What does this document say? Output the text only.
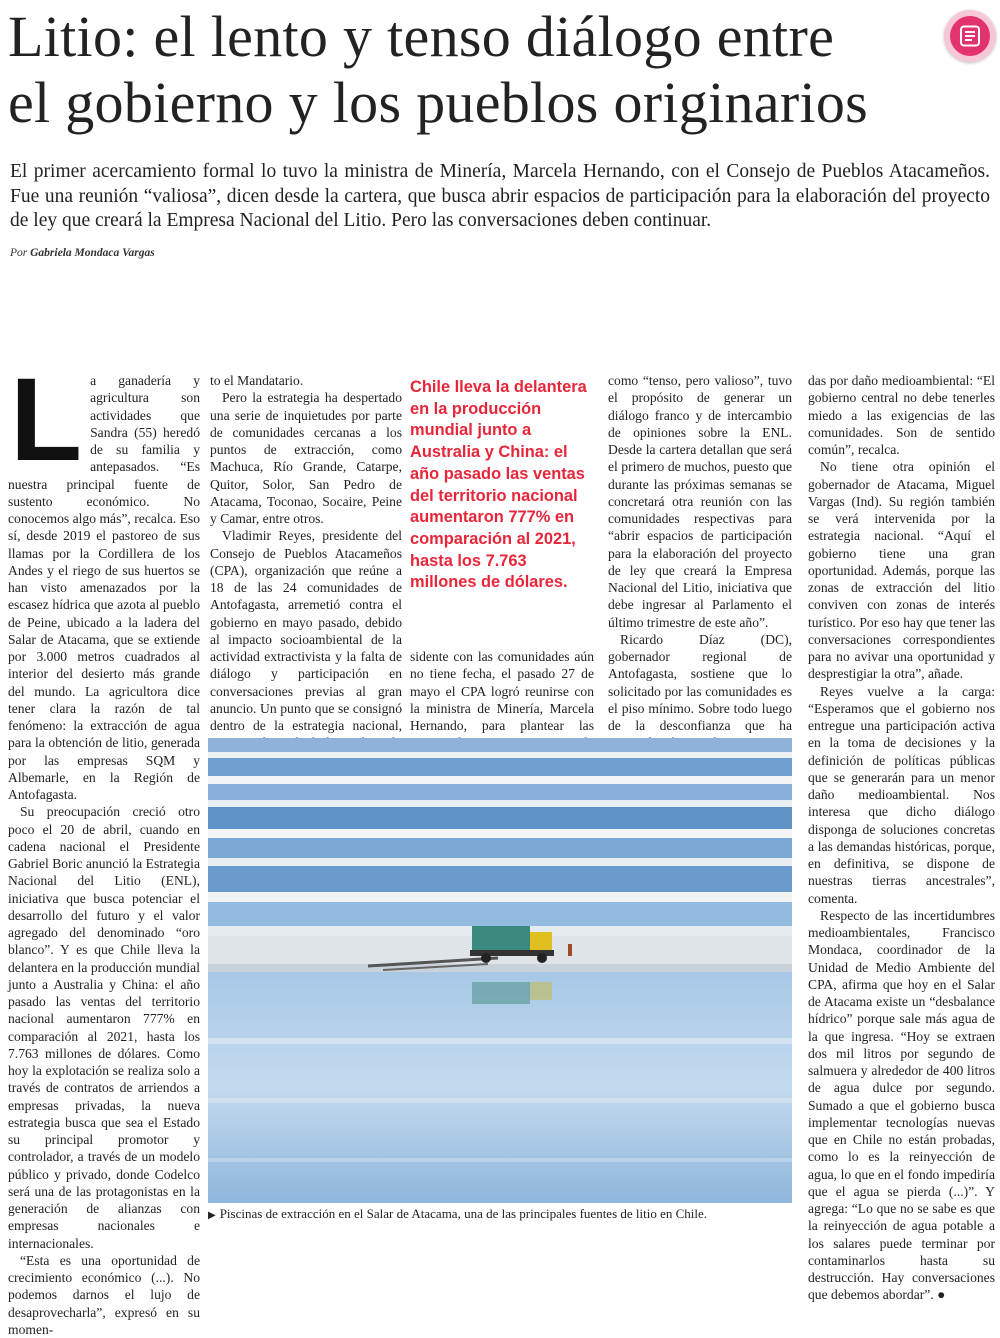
Litio: el lento y tenso diálogo entre
el gobierno y los pueblos originarios

El primer acercamiento formal lo tuvo la ministra de Minería, Marcela Hernando, con el Consejo de Pueblos Atacameños. Fue una reunión “valiosa”, dicen desde la cartera, que busca abrir espacios de participación para la elaboración del proyecto de ley que creará la Empresa Nacional del Litio. Pero las conversaciones deben continuar.

Por Gabriela Mondaca Vargas

L a ganadería y agricultura son actividades que Sandra (55) heredó de su familia y antepasados. “Es nuestra principal fuente de sustento económico. No conocemos algo más”, recalca. Eso sí, desde 2019 el pastoreo de sus llamas por la Cordillera de los Andes y el riego de sus huertos se han visto amenazados por la escasez hídrica que azota al pueblo de Peine, ubicado a la ladera del Salar de Atacama, que se extiende por 3.000 metros cuadrados al interior del desierto más grande del mundo. La agricultora dice tener clara la razón de tal fenómeno: la extracción de agua para la obtención de litio, generada por las empresas SQM y Albemarle, en la Región de Antofagasta.

Su preocupación creció otro poco el 20 de abril, cuando en cadena nacional el Presidente Gabriel Boric anunció la Estrategia Nacional del Litio (ENL), iniciativa que busca potenciar el desarrollo del futuro y el valor agregado del denominado “oro blanco”. Y es que Chile lleva la delantera en la producción mundial junto a Australia y China: el año pasado las ventas del territorio nacional aumentaron 777% en comparación al 2021, hasta los 7.763 millones de dólares. Como hoy la explotación se realiza solo a través de contratos de arriendos a empresas privadas, la nueva estrategia busca que sea el Estado su principal promotor y controlador, a través de un modelo público y privado, donde Codelco será una de las protagonistas en la generación de alianzas con empresas nacionales e internacionales.

“Esta es una oportunidad de crecimiento económico (...). No podemos darnos el lujo de desaprovecharla”, expresó en su momen-

to el Mandatario.

Pero la estrategia ha despertado una serie de inquietudes por parte de comunidades cercanas a los puntos de extracción, como Machuca, Río Grande, Catarpe, Quitor, Solor, San Pedro de Atacama, Toconao, Socaire, Peine y Camar, entre otros.

Vladimir Reyes, presidente del Consejo de Pueblos Atacameños (CPA), organización que reúne a 18 de las 24 comunidades de Antofagasta, arremetió contra el gobierno en mayo pasado, debido al impacto socioambiental de la actividad extractivista y la falta de diálogo y participación en conversaciones previas al gran anuncio. Un punto que se consignó dentro de la estrategia nacional,

Chile lleva la delantera en la producción mundial junto a Australia y China: el año pasado las ventas del territorio nacional aumentaron 777% en comparación al 2021, hasta los 7.763 millones de dólares.

sidente con las comunidades aún no tiene fecha, el pasado 27 de mayo el CPA logró reunirse con la ministra de Minería, Marcela Hernando, para plantear las

como “tenso, pero valioso”, tuvo el propósito de generar un diálogo franco y de intercambio de opiniones sobre la ENL. Desde la cartera detallan que será el primero de muchos, puesto que durante las próximas semanas se concretará otra reunión con las comunidades respectivas para “abrir espacios de participación para la elaboración del proyecto de ley que creará la Empresa Nacional del Litio, iniciativa que debe ingresar al Parlamento el último trimestre de este año”.

Ricardo Díaz (DC), gobernador regional de Antofagasta, sostiene que lo solicitado por las comunidades es el piso mínimo. Sobre todo luego de la desconfianza que ha

das por daño medioambiental: “El gobierno central no debe tenerles miedo a las exigencias de las comunidades. Son de sentido común”, recalca.

No tiene otra opinión el gobernador de Atacama, Miguel Vargas (Ind). Su región también se verá intervenida por la estrategia nacional. “Aquí el gobierno tiene una gran oportunidad. Además, porque las zonas de extracción del litio conviven con zonas de interés turístico. Por eso hay que tener las conversaciones correspondientes para no avivar una oportunidad y desprestigiar la otra”, añade.

Reyes vuelve a la carga: “Esperamos que el gobierno nos entregue una participación activa en la toma de decisiones y la definición de políticas públicas que se generarán para un menor daño medioambiental. Nos interesa que dicho diálogo disponga de soluciones concretas a las demandas históricas, porque, en definitiva, se dispone de nuestras tierras ancestrales”, comenta.

Respecto de las incertidumbres medioambientales, Francisco Mondaca, coordinador de la Unidad de Medio Ambiente del CPA, afirma que hoy en el Salar de Atacama existe un “desbalance hídrico” porque sale más agua de la que ingresa. “Hoy se extraen dos mil litros por segundo de salmuera y alrededor de 400 litros de agua dulce por segundo. Sumado a que el gobierno busca implementar tecnologías nuevas que en Chile no están probadas, como lo es la reinyección de agua, lo que en el fondo impediría que el agua se pierda (...)”. Y agrega: “Lo que no se sabe es que la reinyección de agua potable a los salares puede terminar por contaminarlos hasta su destrucción. Hay conversaciones que debemos abordar”. ●

▶ Piscinas de extracción en el Salar de Atacama, una de las principales fuentes de litio en Chile.
